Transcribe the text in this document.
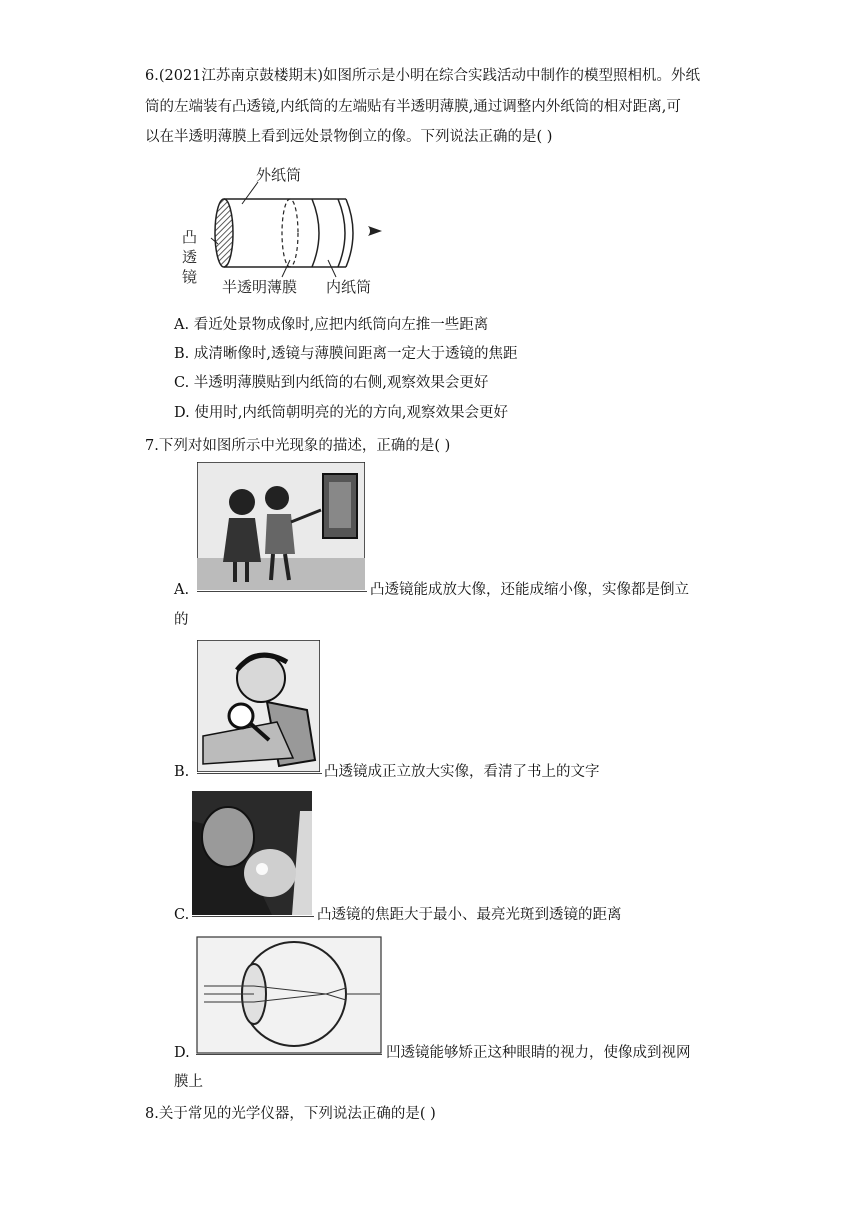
6.(2021江苏南京鼓楼期末)如图所示是小明在综合实践活动中制作的模型照相机。外纸
筒的左端装有凸透镜,内纸筒的左端贴有半透明薄膜,通过调整内外纸筒的相对距离,可
以在半透明薄膜上看到远处景物倒立的像。下列说法正确的是( )
外纸筒
凸
透
镜
半透明薄膜 内纸筒
A. 看近处景物成像时,应把内纸筒向左推一些距离
B. 成清晰像时,透镜与薄膜间距离一定大于透镜的焦距
C. 半透明薄膜贴到内纸筒的右侧,观察效果会更好
D. 使用时,内纸筒朝明亮的光的方向,观察效果会更好
7.下列对如图所示中光现象的描述，正确的是( )
A.	凸透镜能成放大像，还能成缩小像，实像都是倒立
的
B.	凸透镜成正立放大实像，看清了书上的文字
C.	凸透镜的焦距大于最小、最亮光斑到透镜的距离
D.	凹透镜能够矫正这种眼睛的视力，使像成到视网
膜上
8.关于常见的光学仪器，下列说法正确的是( )
